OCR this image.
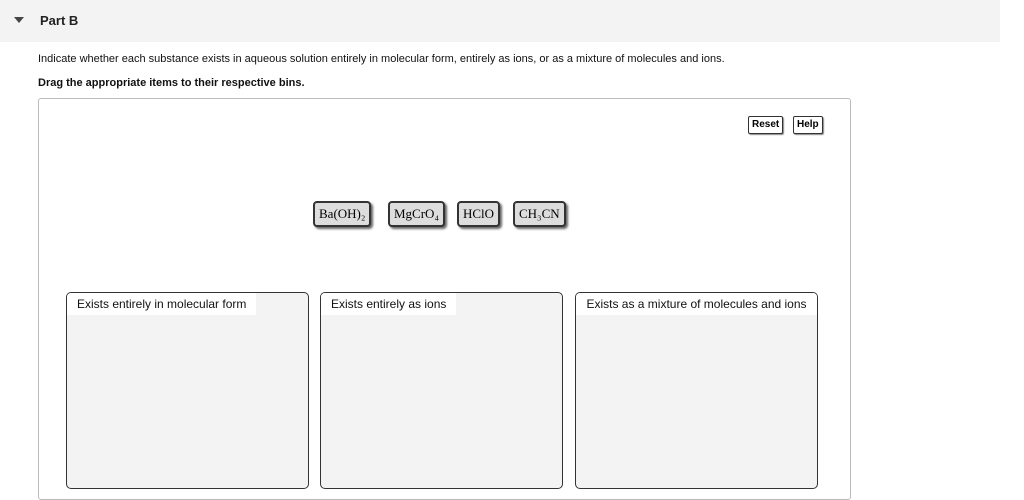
Part B
Indicate whether each substance exists in aqueous solution entirely in molecular form, entirely as ions, or as a mixture of molecules and ions.
Drag the appropriate items to their respective bins.
Reset	Help
Ba(OH)₂	MgCrO₄	HClO	CH₃CN
Exists entirely in molecular form	Exists entirely as ions	Exists as a mixture of molecules and ions
